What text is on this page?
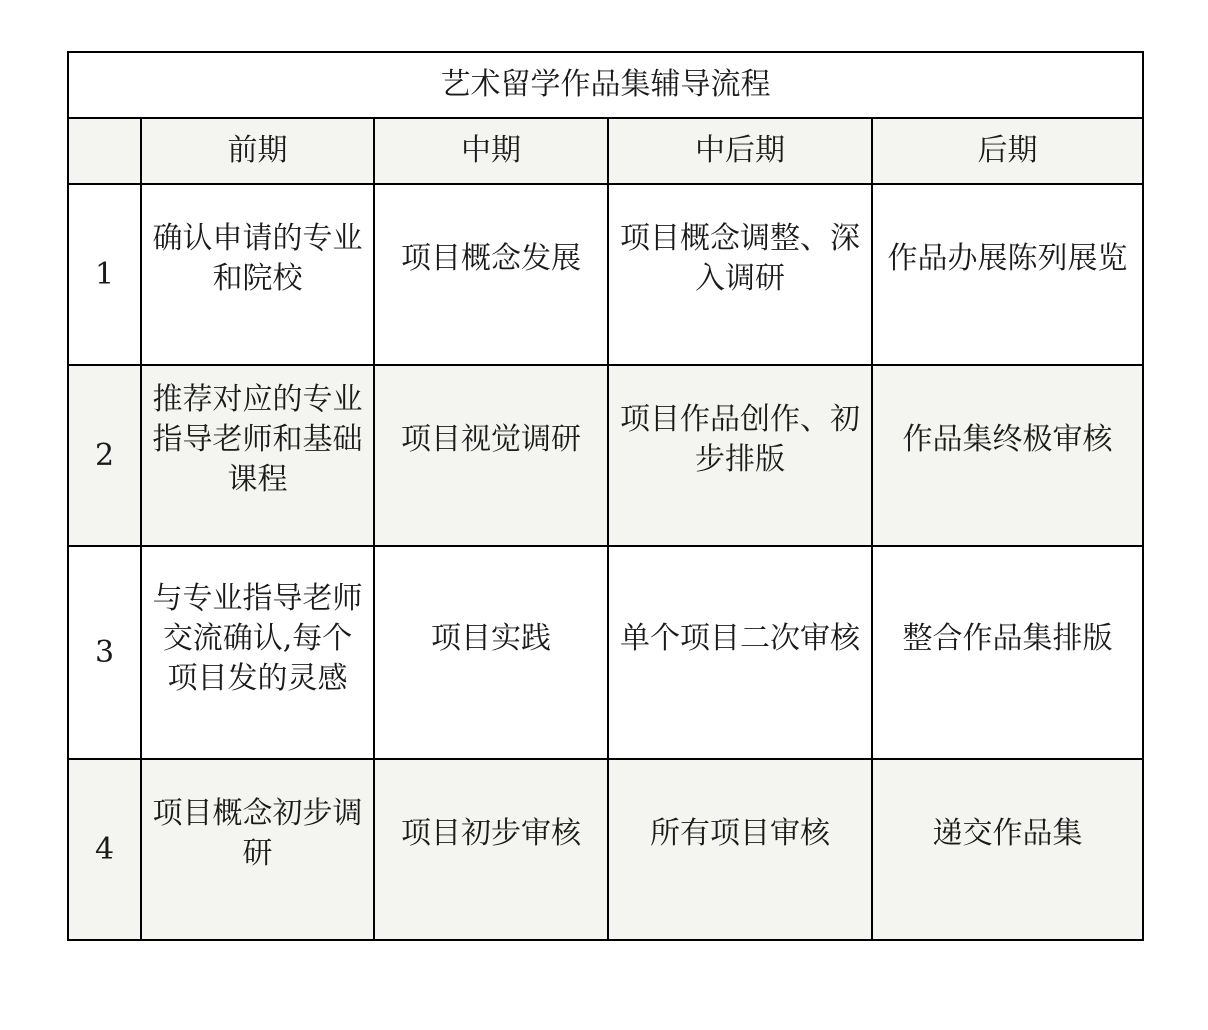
艺术留学作品集辅导流程				
	前期	中期	中后期	后期
1	确认申请的专业和院校	项目概念发展	项目概念调整、深入调研	作品办展陈列展览

2	推荐对应的专业指导老师和基础课程	项目视觉调研	项目作品创作、初步排版	作品集终极审核

3	与专业指导老师交流确认,每个项目发的灵感	项目实践	单个项目二次审核	整合作品集排版

4	项目概念初步调研	项目初步审核	所有项目审核	递交作品集
